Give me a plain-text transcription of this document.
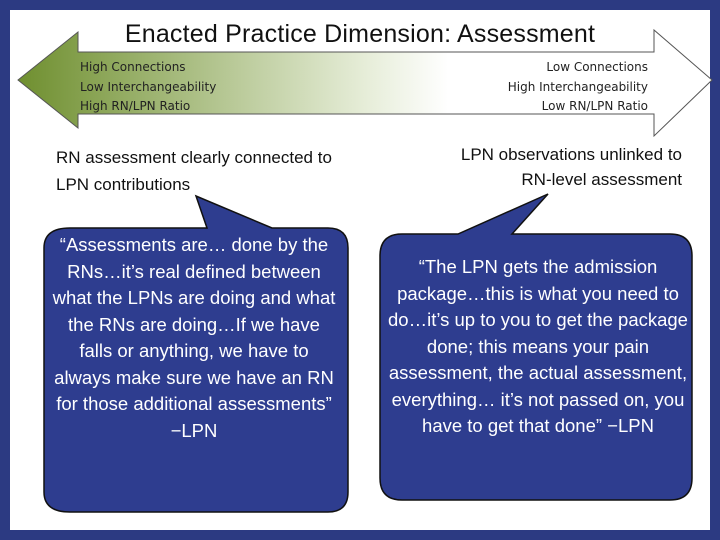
Enacted Practice Dimension: Assessment
High Connections
Low Interchangeability
High RN/LPN Ratio
Low Connections
High Interchangeability
Low RN/LPN Ratio
RN assessment clearly connected to LPN contributions
LPN observations unlinked to RN-level assessment
“Assessments are… done by the RNs…it’s real defined between what the LPNs are doing and what the RNs are doing…If we have falls or anything, we have to always make sure we have an RN for those additional assessments” −LPN
“The LPN gets the admission package…this is what you need to do…it’s up to you to get the package done; this means your pain assessment, the actual assessment, everything… it’s not passed on, you have to get that done” −LPN
